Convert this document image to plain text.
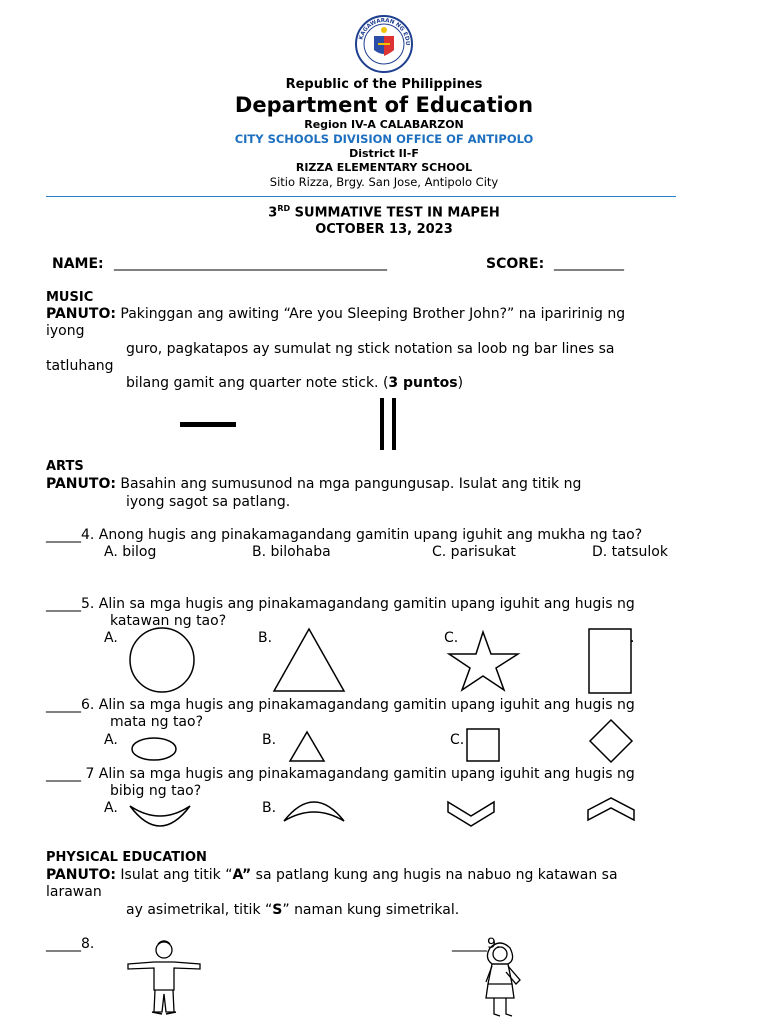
KAGAWARAN NG EDUKASYON
Republic of the Philippines
Department of Education
Region IV-A CALABARZON
CITY SCHOOLS DIVISION OFFICE OF ANTIPOLO
District II-F
RIZZA ELEMENTARY SCHOOL
Sitio Rizza, Brgy. San Jose, Antipolo City
3RD SUMMATIVE TEST IN MAPEH
OCTOBER 13, 2023
NAME: _______________________________________	SCORE: __________
MUSIC
PANUTO: Pakinggan ang awiting “Are you Sleeping Brother John?” na iparirinig ng
iyong
guro, pagkatapos ay sumulat ng stick notation sa loob ng bar lines sa
tatluhang
bilang gamit ang quarter note stick. (3 puntos)
ARTS
PANUTO: Basahin ang sumusunod na mga pangungusap. Isulat ang titik ng
iyong sagot sa patlang.
_____4. Anong hugis ang pinakamagandang gamitin upang iguhit ang mukha ng tao?
A. bilog	B. bilohaba	C. parisukat	D. tatsulok
_____5. Alin sa mga hugis ang pinakamagandang gamitin upang iguhit ang hugis ng
katawan ng tao?
A.	B.	C.	.
_____6. Alin sa mga hugis ang pinakamagandang gamitin upang iguhit ang hugis ng
mata ng tao?
A.	B.	C.
_____ 7 Alin sa mga hugis ang pinakamagandang gamitin upang iguhit ang hugis ng
bibig ng tao?
A.	B.
PHYSICAL EDUCATION
PANUTO: Isulat ang titik “A” sa patlang kung ang hugis na nabuo ng katawan sa
larawan
ay asimetrikal, titik “S” naman kung simetrikal.
_____8.	_____9.
